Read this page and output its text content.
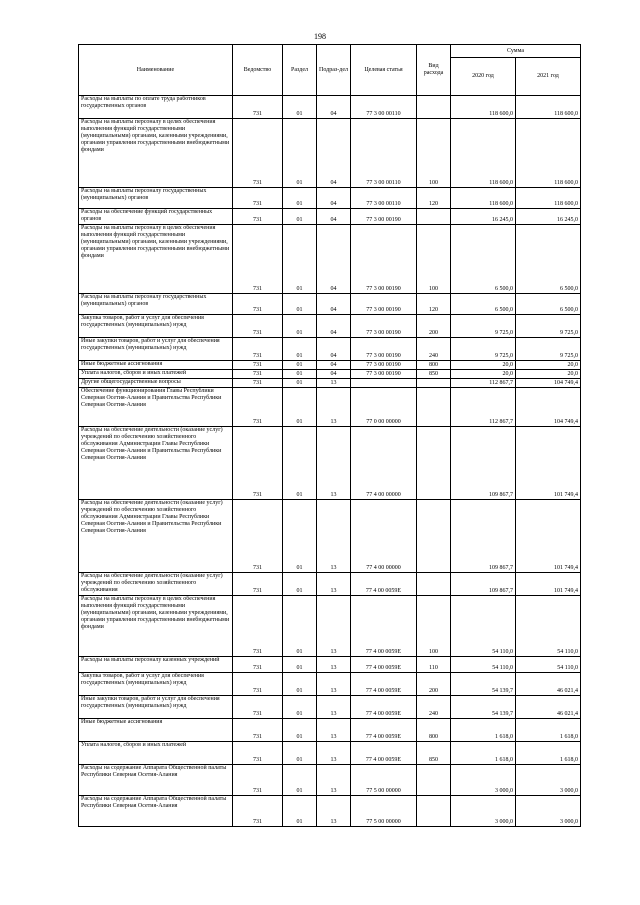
198
Наименование	Ведомство	Раздел	Подраз-дел	Целевая статья	Вид расхода	Сумма	
						2020 год	2021 год
Расходы на выплаты по оплате труда работников государственных органов	731	01	04	77 3 00 00110		118 600,0	118 600,0
Расходы на выплаты персоналу в целях обеспечения выполнения функций государственными (муниципальными) органами, казенными учреждениями, органами управления государственными внебюджетными фондами	731	01	04	77 3 00 00110	100	118 600,0	118 600,0
Расходы на выплаты персоналу государственных (муниципальных) органов	731	01	04	77 3 00 00110	120	118 600,0	118 600,0
Расходы на обеспечение функций государственных органов	731	01	04	77 3 00 00190		16 245,0	16 245,0
Расходы на выплаты персоналу в целях обеспечения выполнения функций государственными (муниципальными) органами, казенными учреждениями, органами управления государственными внебюджетными фондами	731	01	04	77 3 00 00190	100	6 500,0	6 500,0
Расходы на выплаты персоналу государственных (муниципальных) органов	731	01	04	77 3 00 00190	120	6 500,0	6 500,0
Закупка товаров, работ и услуг для обеспечения государственных (муниципальных) нужд	731	01	04	77 3 00 00190	200	9 725,0	9 725,0
Иные закупки товаров, работ и услуг для обеспечения государственных (муниципальных) нужд	731	01	04	77 3 00 00190	240	9 725,0	9 725,0
Иные бюджетные ассигнования	731	01	04	77 3 00 00190	800	20,0	20,0
Уплата налогов, сборов и иных платежей	731	01	04	77 3 00 00190	850	20,0	20,0
Другие общегосударственные вопросы	731	01	13			112 867,7	104 749,4
Обеспечение функционирования Главы Республики Северная Осетия-Алания и Правительства Республики Северная Осетия-Алания	731	01	13	77 0 00 00000		112 867,7	104 749,4
Расходы на обеспечение деятельности (оказание услуг) учреждений по обеспечению хозяйственного обслуживания Администрации Главы Республики Северная Осетия-Алания и Правительства Республики Северная Осетия-Алания	731	01	13	77 4 00 00000		109 867,7	101 749,4
Расходы на обеспечение деятельности (оказание услуг) учреждений по обеспечению хозяйственного обслуживания Администрации Главы Республики Северная Осетия-Алания и Правительства Республики Северная Осетия-Алания	731	01	13	77 4 00 00000		109 867,7	101 749,4
Расходы на обеспечение деятельности (оказание услуг) учреждений по обеспечению хозяйственного обслуживания	731	01	13	77 4 00 0059Е		109 867,7	101 749,4
Расходы на выплаты персоналу в целях обеспечения выполнения функций государственными (муниципальными) органами, казенными учреждениями, органами управления государственными внебюджетными фондами	731	01	13	77 4 00 0059Е	100	54 110,0	54 110,0
Расходы на выплаты персоналу казенных учреждений	731	01	13	77 4 00 0059Е	110	54 110,0	54 110,0
Закупка товаров, работ и услуг для обеспечения государственных (муниципальных) нужд	731	01	13	77 4 00 0059Е	200	54 139,7	46 021,4
Иные закупки товаров, работ и услуг для обеспечения государственных (муниципальных) нужд	731	01	13	77 4 00 0059Е	240	54 139,7	46 021,4
Иные бюджетные ассигнования	731	01	13	77 4 00 0059Е	800	1 618,0	1 618,0
Уплата налогов, сборов и иных платежей	731	01	13	77 4 00 0059Е	850	1 618,0	1 618,0
Расходы на содержание Аппарата Общественной палаты Республики Северная Осетия-Алания	731	01	13	77 5 00 00000		3 000,0	3 000,0
Расходы на содержание Аппарата Общественной палаты Республики Северная Осетия-Алания	731	01	13	77 5 00 00000		3 000,0	3 000,0
